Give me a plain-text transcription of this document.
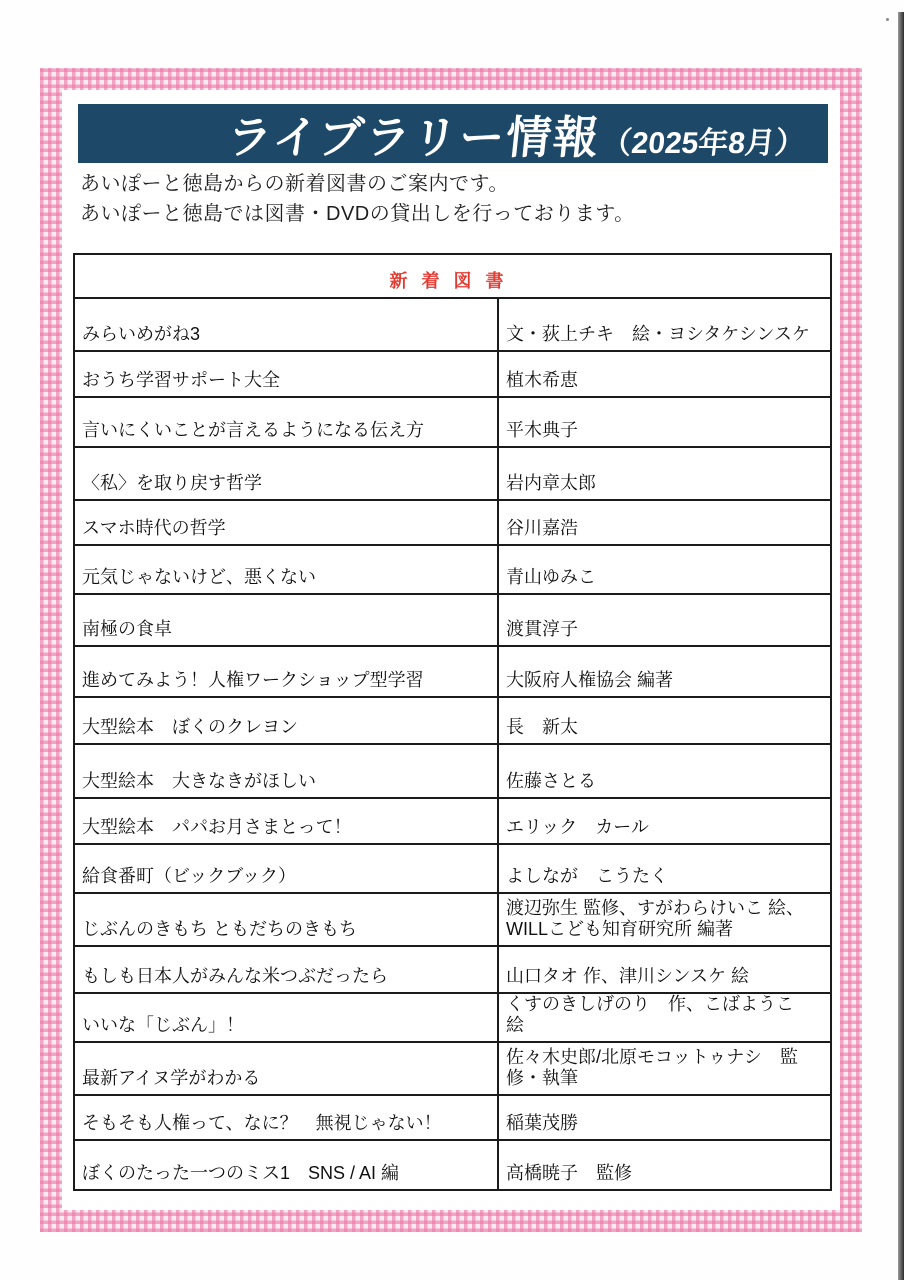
ライブラリー情報
（2025年8月）
あいぽーと徳島からの新着図書のご案内です。
あいぽーと徳島では図書・DVDの貸出しを行っております。
新着図書	
みらいめがね3	文・荻上チキ　絵・ヨシタケシンスケ
おうち学習サポート大全	植木希恵
言いにくいことが言えるようになる伝え方	平木典子
〈私〉を取り戻す哲学	岩内章太郎
スマホ時代の哲学	谷川嘉浩
元気じゃないけど、悪くない	青山ゆみこ
南極の食卓	渡貫淳子
進めてみよう！人権ワークショップ型学習	大阪府人権協会 編著
大型絵本　ぼくのクレヨン	長　新太
大型絵本　大きなきがほしい	佐藤さとる
大型絵本　パパお月さまとって！	エリック　カール
給食番町（ビックブック）	よしなが　こうたく
じぶんのきもち ともだちのきもち	渡辺弥生 監修、すがわらけいこ 絵、WILLこども知育研究所 編著
もしも日本人がみんな米つぶだったら	山口タオ 作、津川シンスケ 絵
いいな「じぶん」！	くすのきしげのり　作、こばようこ　絵
最新アイヌ学がわかる	佐々木史郎/北原モコットゥナシ　監修・執筆
そもそも人権って、なに？　無視じゃない！	稲葉茂勝
ぼくのたった一つのミス1　SNS / AI 編	高橋暁子　監修
